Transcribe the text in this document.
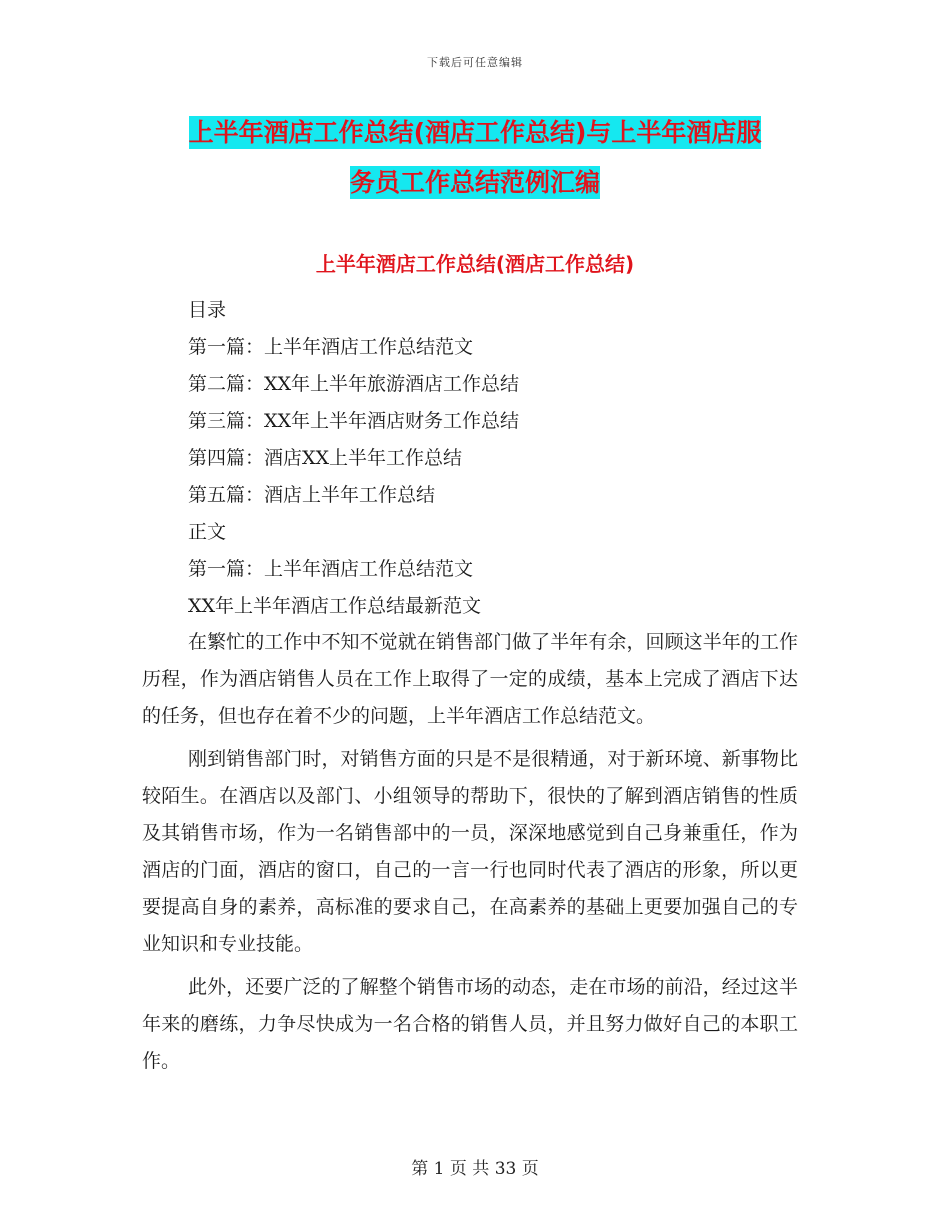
下载后可任意编辑
上半年酒店工作总结(酒店工作总结)与上半年酒店服
务员工作总结范例汇编
上半年酒店工作总结(酒店工作总结)
目录
第一篇：上半年酒店工作总结范文
第二篇：XX年上半年旅游酒店工作总结
第三篇：XX年上半年酒店财务工作总结
第四篇：酒店XX上半年工作总结
第五篇：酒店上半年工作总结
正文
第一篇：上半年酒店工作总结范文
XX年上半年酒店工作总结最新范文

在繁忙的工作中不知不觉就在销售部门做了半年有余，回顾这半年的工作历程，作为酒店销售人员在工作上取得了一定的成绩，基本上完成了酒店下达的任务，但也存在着不少的问题，上半年酒店工作总结范文。

刚到销售部门时，对销售方面的只是不是很精通，对于新环境、新事物比较陌生。在酒店以及部门、小组领导的帮助下，很快的了解到酒店销售的性质及其销售市场，作为一名销售部中的一员，深深地感觉到自己身兼重任，作为酒店的门面，酒店的窗口，自己的一言一行也同时代表了酒店的形象，所以更要提高自身的素养，高标准的要求自己，在高素养的基础上更要加强自己的专业知识和专业技能。

此外，还要广泛的了解整个销售市场的动态，走在市场的前沿，经过这半年来的磨练，力争尽快成为一名合格的销售人员，并且努力做好自己的本职工作。

第 1 页 共 33 页
